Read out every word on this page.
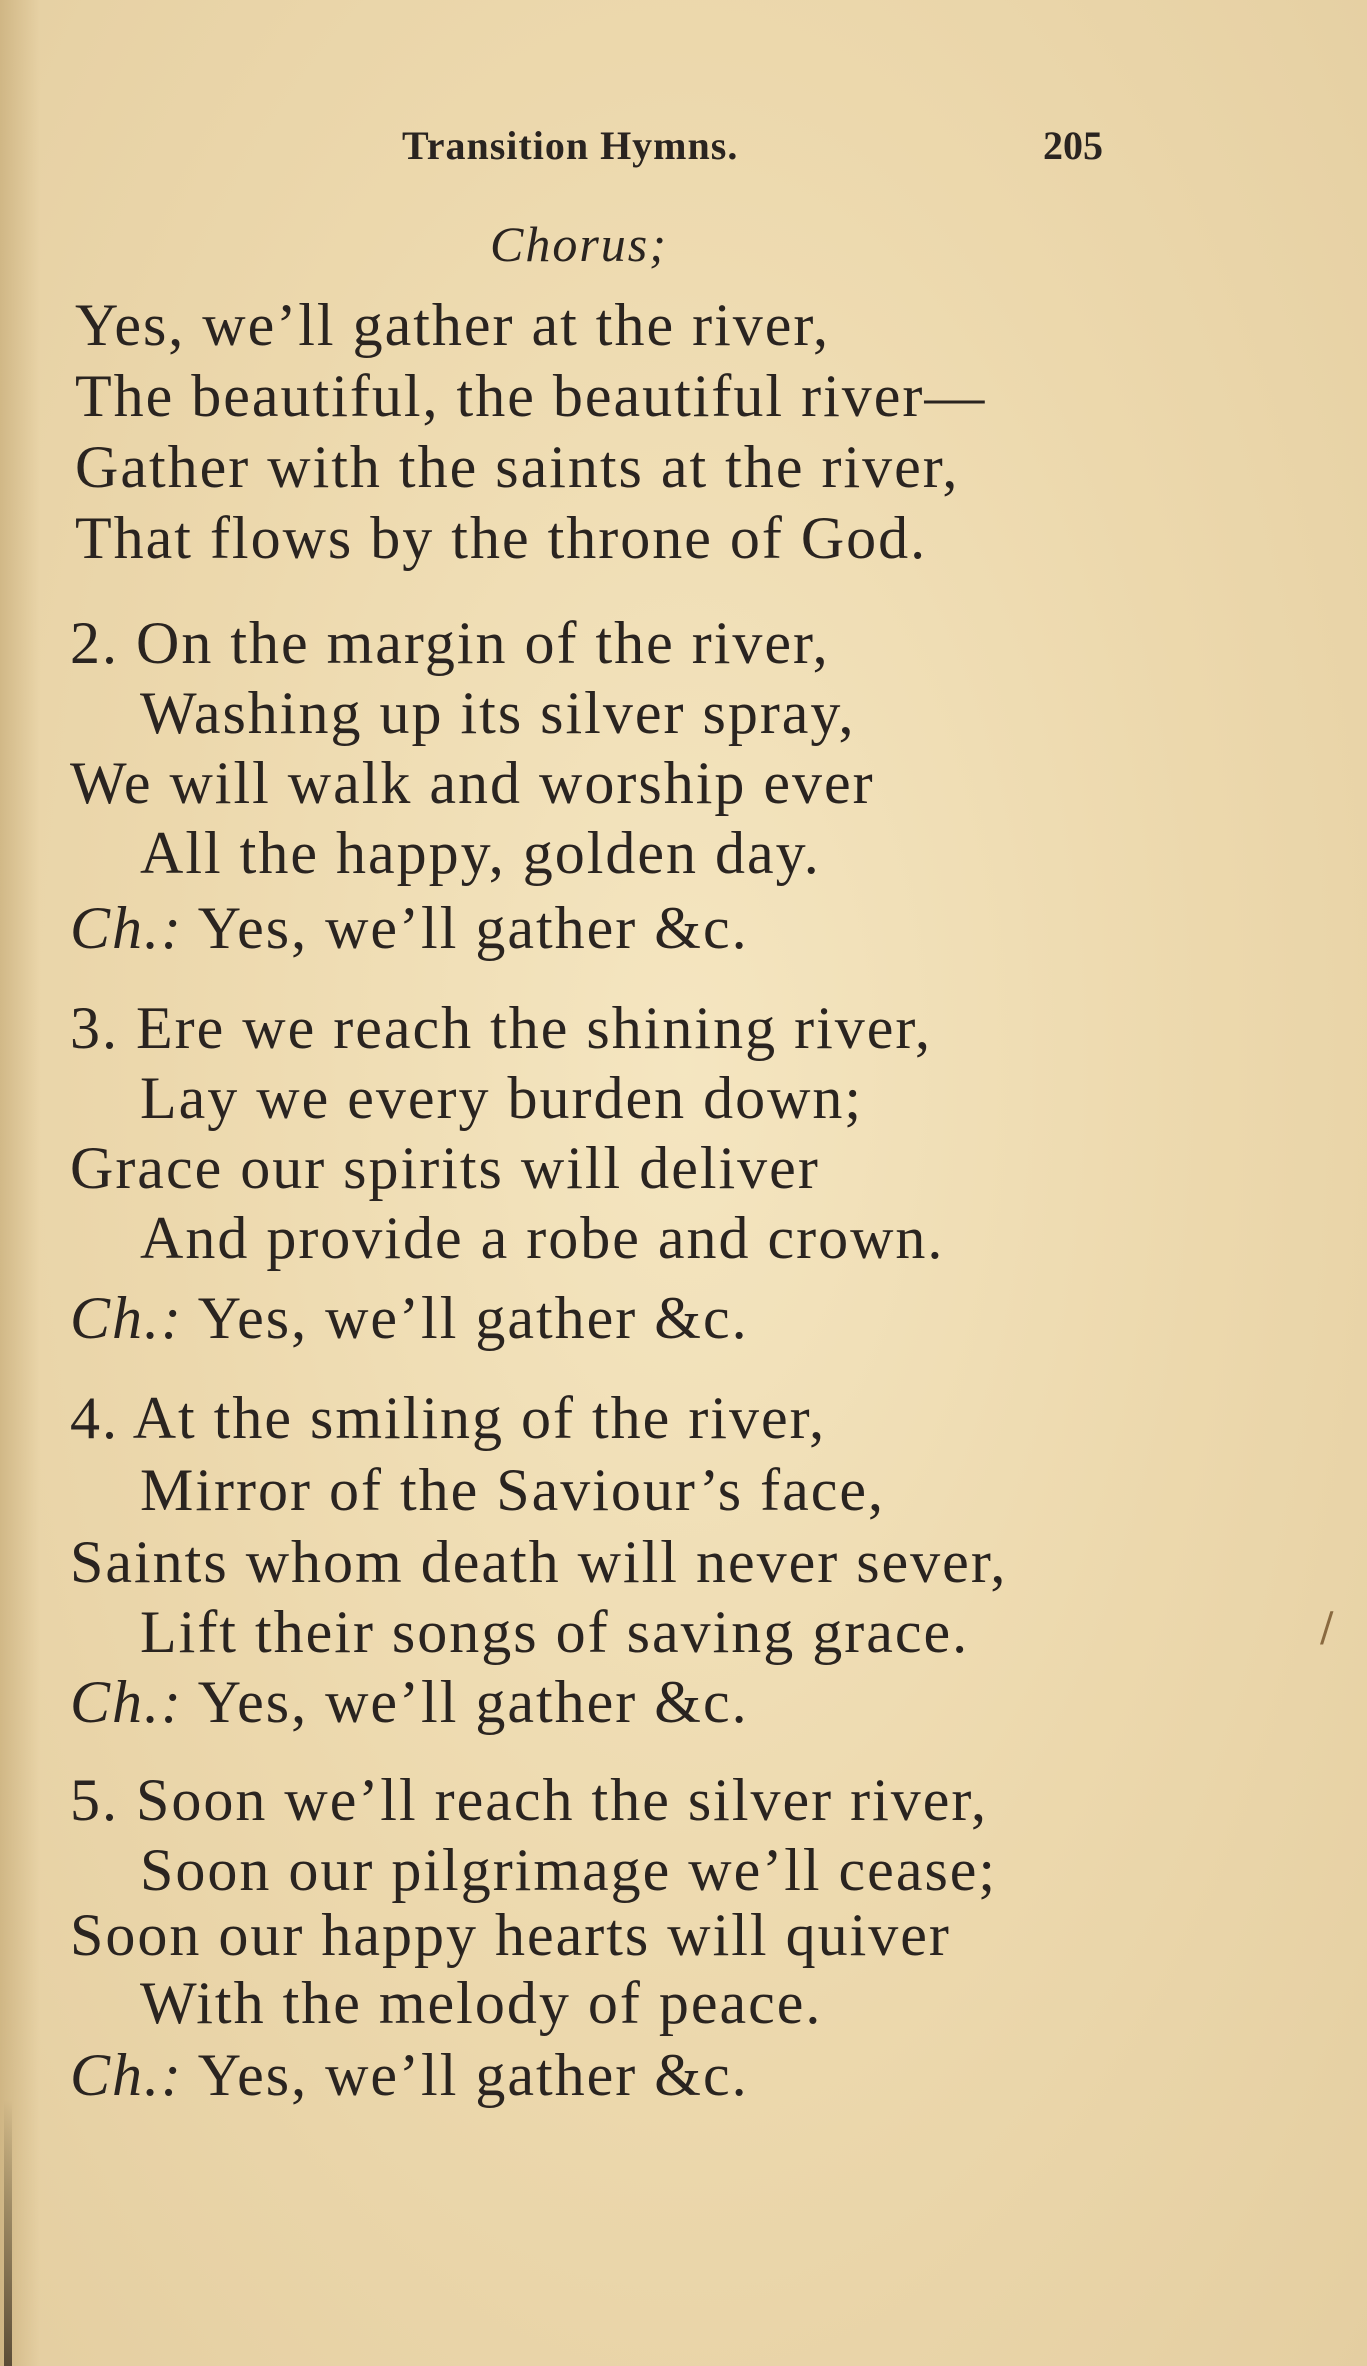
Transition Hymns.	205
Chorus;
Yes, we’ll gather at the river,
The beautiful, the beautiful river—
Gather with the saints at the river,
That flows by the throne of God.
2. On the margin of the river,
Washing up its silver spray,
We will walk and worship ever
All the happy, golden day.
Ch.: Yes, we’ll gather &c.
3. Ere we reach the shining river,
Lay we every burden down;
Grace our spirits will deliver
And provide a robe and crown.
Ch.: Yes, we’ll gather &c.
4. At the smiling of the river,
Mirror of the Saviour’s face,
Saints whom death will never sever,
Lift their songs of saving grace.
Ch.: Yes, we’ll gather &c.
5. Soon we’ll reach the silver river,
Soon our pilgrimage we’ll cease;
Soon our happy hearts will quiver
With the melody of peace.
Ch.: Yes, we’ll gather &c.
/
